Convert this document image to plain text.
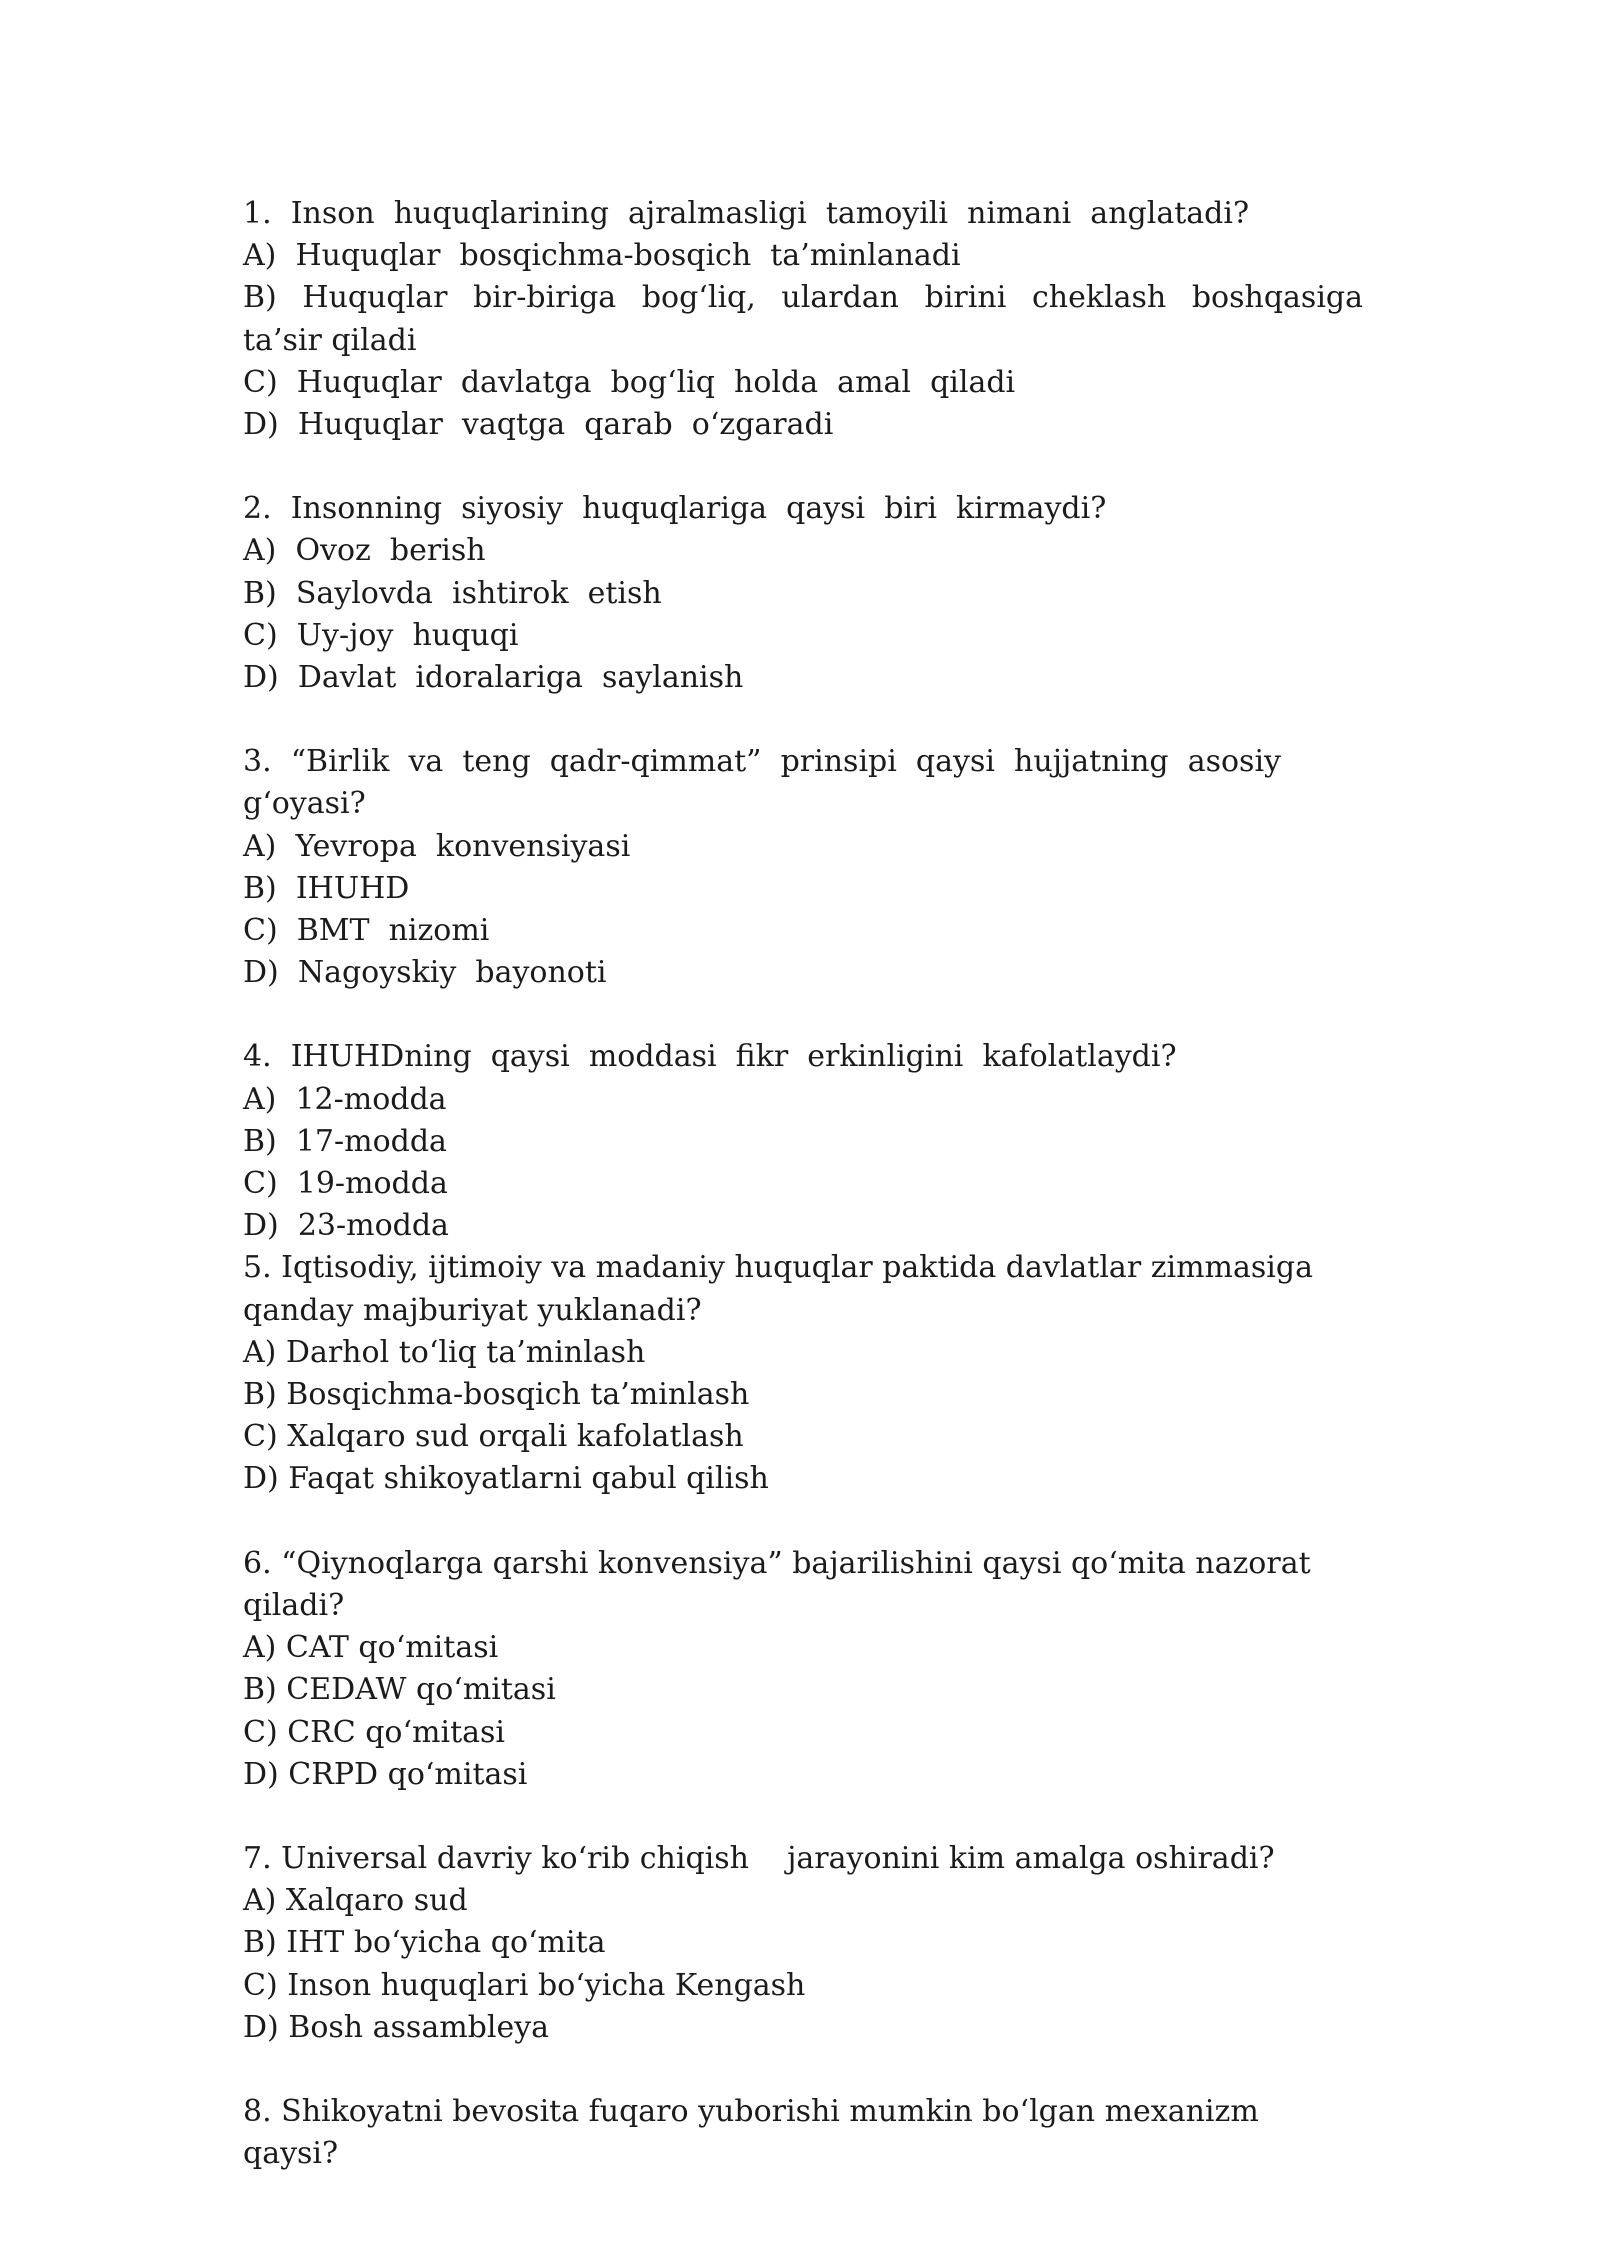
1.  Inson  huquqlarining  ajralmasligi  tamoyili  nimani  anglatadi?
A)  Huquqlar  bosqichma-bosqich  ta’minlanadi
B)  Huquqlar  bir-biriga  bog‘liq,  ulardan  birini  cheklash  boshqasiga  ta’sir qiladi
C)  Huquqlar  davlatga  bog‘liq  holda  amal  qiladi
D)  Huquqlar  vaqtga  qarab  o‘zgaradi
2.  Insonning  siyosiy  huquqlariga  qaysi  biri  kirmaydi?
A)  Ovoz  berish
B)  Saylovda  ishtirok  etish
C)  Uy-joy  huquqi
D)  Davlat  idoralariga  saylanish
3.  “Birlik  va  teng  qadr-qimmat”  prinsipi  qaysi  hujjatning  asosiy  g‘oyasi?
A)  Yevropa  konvensiyasi
B)  IHUHD
C)  BMT  nizomi
D)  Nagoyskiy  bayonoti
4.  IHUHDning  qaysi  moddasi  fikr  erkinligini  kafolatlaydi?
A)  12-modda
B)  17-modda
C)  19-modda
D)  23-modda
5. Iqtisodiy, ijtimoiy va madaniy huquqlar paktida davlatlar zimmasiga qanday majburiyat yuklanadi?
A) Darhol to‘liq ta’minlash
B) Bosqichma-bosqich ta’minlash
C) Xalqaro sud orqali kafolatlash
D) Faqat shikoyatlarni qabul qilish
6. “Qiynoqlarga qarshi konvensiya” bajarilishini qaysi qo‘mita nazorat qiladi?
A) CAT qo‘mitasi
B) CEDAW qo‘mitasi
C) CRC qo‘mitasi
D) CRPD qo‘mitasi
7. Universal davriy ko‘rib chiqish    jarayonini kim amalga oshiradi?
A) Xalqaro sud
B) IHT bo‘yicha qo‘mita
C) Inson huquqlari bo‘yicha Kengash
D) Bosh assambleya
8. Shikoyatni bevosita fuqaro yuborishi mumkin bo‘lgan mexanizm qaysi?
